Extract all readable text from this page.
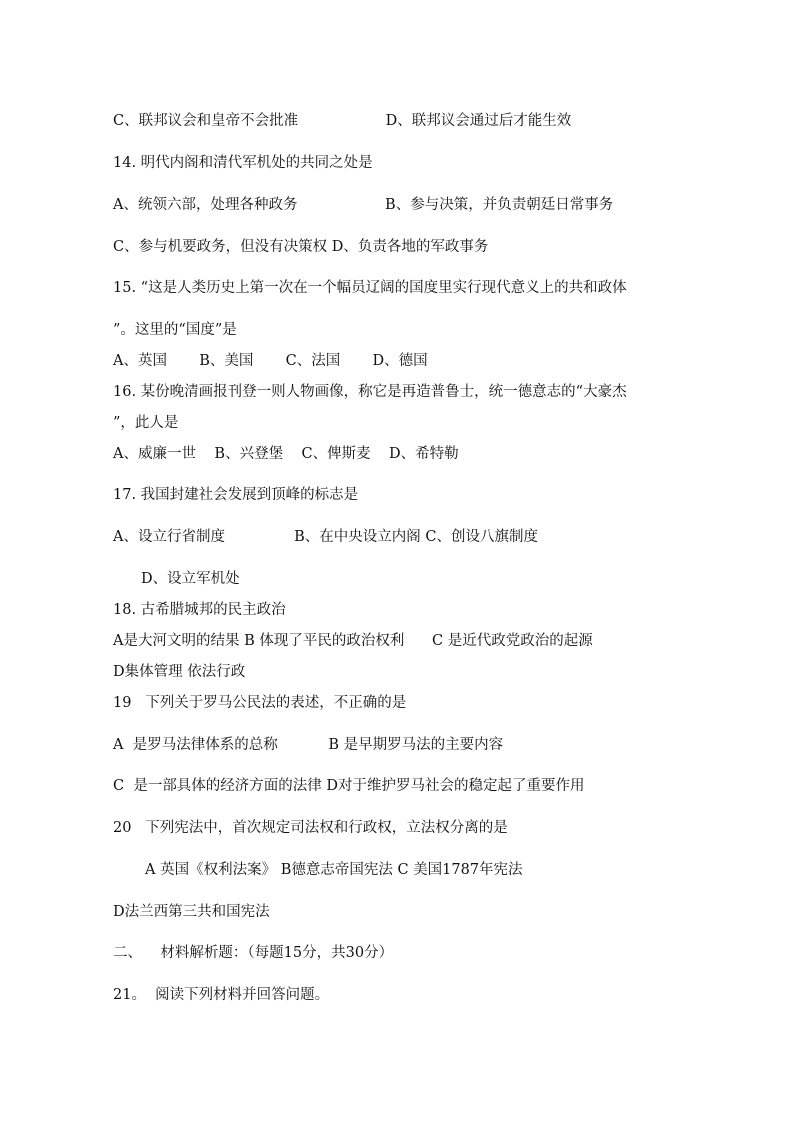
C、联邦议会和皇帝不会批准                   D、联邦议会通过后才能生效
14. 明代内阁和清代军机处的共同之处是
A、统领六部，处理各种政务                   B、参与决策，并负责朝廷日常事务
C、参与机要政务，但没有决策权 D、负责各地的军政事务
15. “这是人类历史上第一次在一个幅员辽阔的国度里实行现代意义上的共和政体
”。这里的“国度”是
A、英国       B、美国       C、法国       D、德国
16. 某份晚清画报刊登一则人物画像，称它是再造普鲁士，统一德意志的“大豪杰
”，此人是
A、威廉一世    B、兴登堡    C、俾斯麦    D、希特勒
17. 我国封建社会发展到顶峰的标志是
A、设立行省制度               B、在中央设立内阁 C、创设八旗制度
D、设立军机处
18. 古希腊城邦的民主政治
A是大河文明的结果 B 体现了平民的政治权利      C 是近代政党政治的起源
D集体管理 依法行政
19   下列关于罗马公民法的表述，不正确的是
A  是罗马法律体系的总称           B 是早期罗马法的主要内容
C  是一部具体的经济方面的法律 D对于维护罗马社会的稳定起了重要作用
20   下列宪法中，首次规定司法权和行政权，立法权分离的是
A 英国《权利法案》 B德意志帝国宪法 C 美国1787年宪法
D法兰西第三共和国宪法
二、    材料解析题：（每题15分，共30分）
21。  阅读下列材料并回答问题。
